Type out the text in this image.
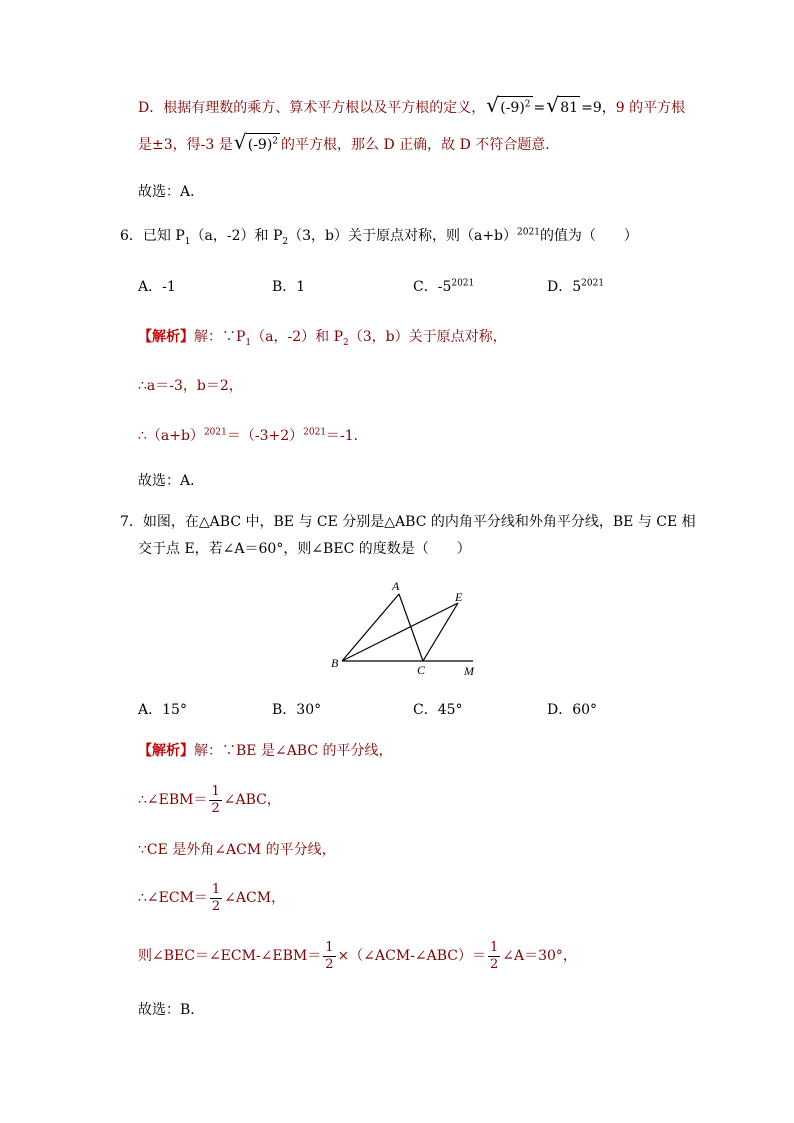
D．根据有理数的乘方、算术平方根以及平方根的定义， √ $(-9)^2$ = √ 81 =9，9 的平方根
是±3，得-3 是 √ $(-9)^2$ 的平方根，那么 D 正确，故 D 不符合题意．
故选：A．
6．已知 $P_1(a$，-2）和 $P_2(3$，b）关于原点对称，则$(a+b)^{2021}$的值为（　　）
A．-1	B．1	C．$-5^{2021}$	D．$5^{2021}$
【解析】解：$\because P_1(a$，-2）和 $P_2(3$，b）关于原点对称，
∴a＝-3，b＝2，
$\therefore(a+b)^{2021}=(-3+2)^{2021}=-1$．
故选：A．
7．如图，在△ABC 中，BE 与 CE 分别是△ABC 的内角平分线和外角平分线，BE 与 CE 相
交于点 E，若∠A＝60°，则∠BEC 的度数是（　　）
A
E
B	C	M
A．15°	B．30°	C．45°	D．60°
【解析】解：∵BE 是∠ABC 的平分线，
∴∠EBM＝ $\frac{1}{2}$ ∠ABC，
∵CE 是外角∠ACM 的平分线，
∴∠ECM＝ $\frac{1}{2}$ ∠ACM，
则∠BEC＝∠ECM-∠EBM＝ $\frac{1}{2}$ ×（∠ACM-∠ABC）＝ $\frac{1}{2}$ ∠A＝30°，
故选：B．
